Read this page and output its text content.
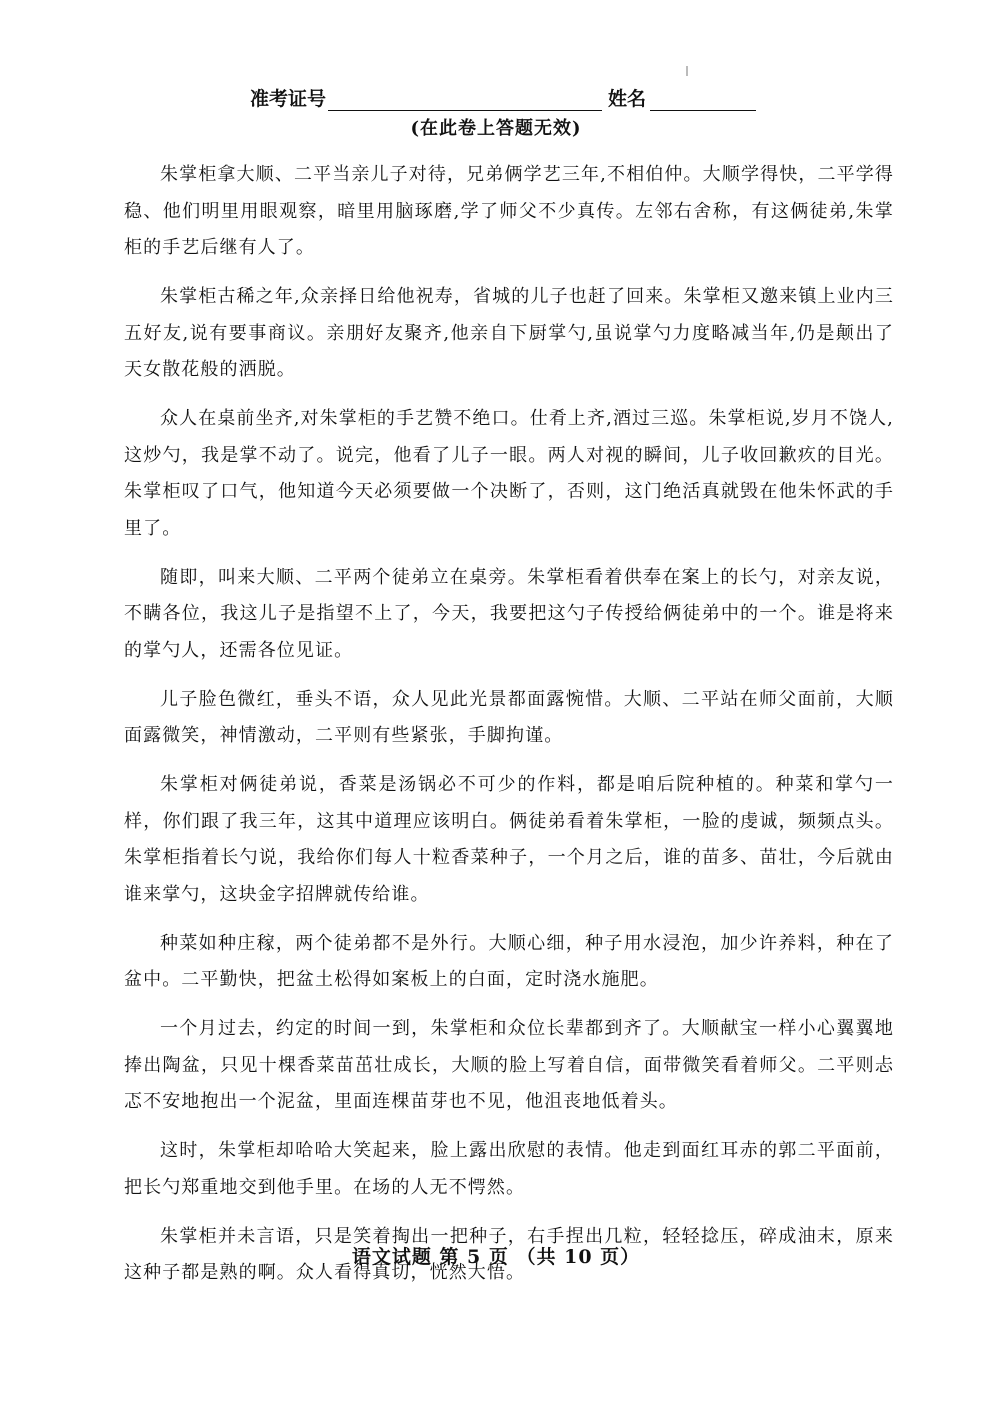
准考证号	姓名
(在此卷上答题无效)

朱掌柜拿大顺、二平当亲儿子对待，兄弟俩学艺三年,不相伯仲。大顺学得快，二平学得稳、他们明里用眼观察，暗里用脑琢磨,学了师父不少真传。左邻右舍称，有这俩徒弟,朱掌柜的手艺后继有人了。

朱掌柜古稀之年,众亲择日给他祝寿，省城的儿子也赶了回来。朱掌柜又邀来镇上业内三五好友,说有要事商议。亲朋好友聚齐,他亲自下厨掌勺,虽说掌勺力度略减当年,仍是颠出了天女散花般的洒脱。

众人在桌前坐齐,对朱掌柜的手艺赞不绝口。仕肴上齐,酒过三巡。朱掌柜说,岁月不饶人,这炒勺，我是掌不动了。说完，他看了儿子一眼。两人对视的瞬间，儿子收回歉疚的目光。朱掌柜叹了口气，他知道今天必须要做一个决断了，否则，这门绝活真就毁在他朱怀武的手里了。

随即，叫来大顺、二平两个徒弟立在桌旁。朱掌柜看着供奉在案上的长勺，对亲友说，不瞒各位，我这儿子是指望不上了，今天，我要把这勺子传授给俩徒弟中的一个。谁是将来的掌勺人，还需各位见证。

儿子脸色微红，垂头不语，众人见此光景都面露惋惜。大顺、二平站在师父面前，大顺面露微笑，神情激动，二平则有些紧张，手脚拘谨。

朱掌柜对俩徒弟说，香菜是汤锅必不可少的作料，都是咱后院种植的。种菜和掌勺一样，你们跟了我三年，这其中道理应该明白。俩徒弟看着朱掌柜，一脸的虔诚，频频点头。朱掌柜指着长勺说，我给你们每人十粒香菜种子，一个月之后，谁的苗多、苗壮，今后就由谁来掌勺，这块金字招牌就传给谁。

种菜如种庄稼，两个徒弟都不是外行。大顺心细，种子用水浸泡，加少许养料，种在了盆中。二平勤快，把盆土松得如案板上的白面，定时浇水施肥。

一个月过去，约定的时间一到，朱掌柜和众位长辈都到齐了。大顺献宝一样小心翼翼地捧出陶盆，只见十棵香菜苗茁壮成长，大顺的脸上写着自信，面带微笑看着师父。二平则忐忑不安地抱出一个泥盆，里面连棵苗芽也不见，他沮丧地低着头。

这时，朱掌柜却哈哈大笑起来，脸上露出欣慰的表情。他走到面红耳赤的郭二平面前，把长勺郑重地交到他手里。在场的人无不愕然。

朱掌柜并未言语，只是笑着掏出一把种子，右手捏出几粒，轻轻捻压，碎成油末，原来这种子都是熟的啊。众人看得真切，恍然大悟。

语文试题 第 5 页 （共 10 页）
